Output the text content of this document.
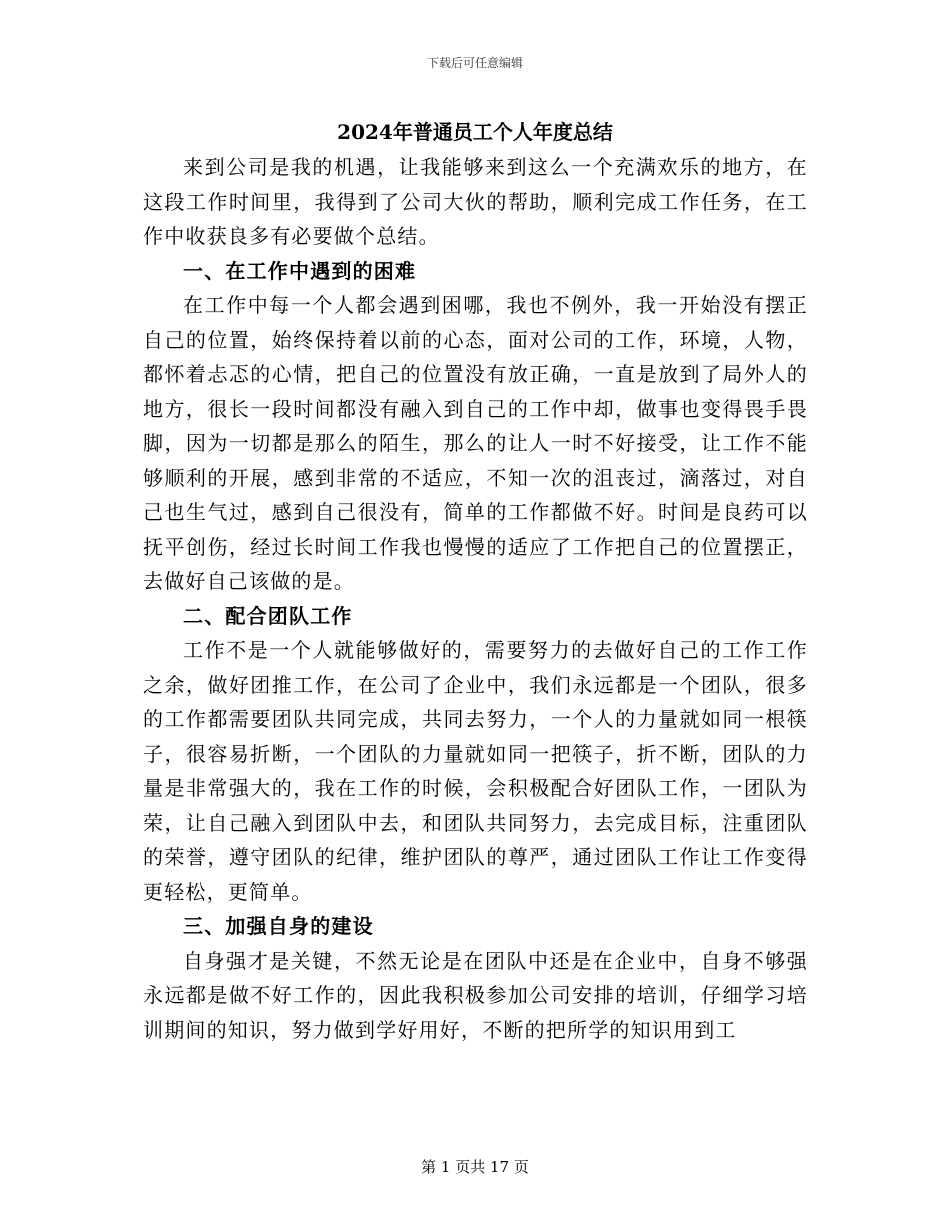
下载后可任意编辑
2024年普通员工个人年度总结

来到公司是我的机遇，让我能够来到这么一个充满欢乐的地方，在这段工作时间里，我得到了公司大伙的帮助，顺利完成工作任务，在工作中收获良多有必要做个总结。

一、在工作中遇到的困难

在工作中每一个人都会遇到困哪，我也不例外，我一开始没有摆正自己的位置，始终保持着以前的心态，面对公司的工作，环境，人物，都怀着忐忑的心情，把自己的位置没有放正确，一直是放到了局外人的地方，很长一段时间都没有融入到自己的工作中却，做事也变得畏手畏脚，因为一切都是那么的陌生，那么的让人一时不好接受，让工作不能够顺利的开展，感到非常的不适应，不知一次的沮丧过，滴落过，对自己也生气过，感到自己很没有，简单的工作都做不好。时间是良药可以抚平创伤，经过长时间工作我也慢慢的适应了工作把自己的位置摆正，去做好自己该做的是。

二、配合团队工作

工作不是一个人就能够做好的，需要努力的去做好自己的工作工作之余，做好团推工作，在公司了企业中，我们永远都是一个团队，很多的工作都需要团队共同完成，共同去努力，一个人的力量就如同一根筷子，很容易折断，一个团队的力量就如同一把筷子，折不断，团队的力量是非常强大的，我在工作的时候，会积极配合好团队工作，一团队为荣，让自己融入到团队中去，和团队共同努力，去完成目标，注重团队的荣誉，遵守团队的纪律，维护团队的尊严，通过团队工作让工作变得更轻松，更简单。

三、加强自身的建设

自身强才是关键，不然无论是在团队中还是在企业中，自身不够强永远都是做不好工作的，因此我积极参加公司安排的培训，仔细学习培训期间的知识，努力做到学好用好，不断的把所学的知识用到工

第 1 页共 17 页
